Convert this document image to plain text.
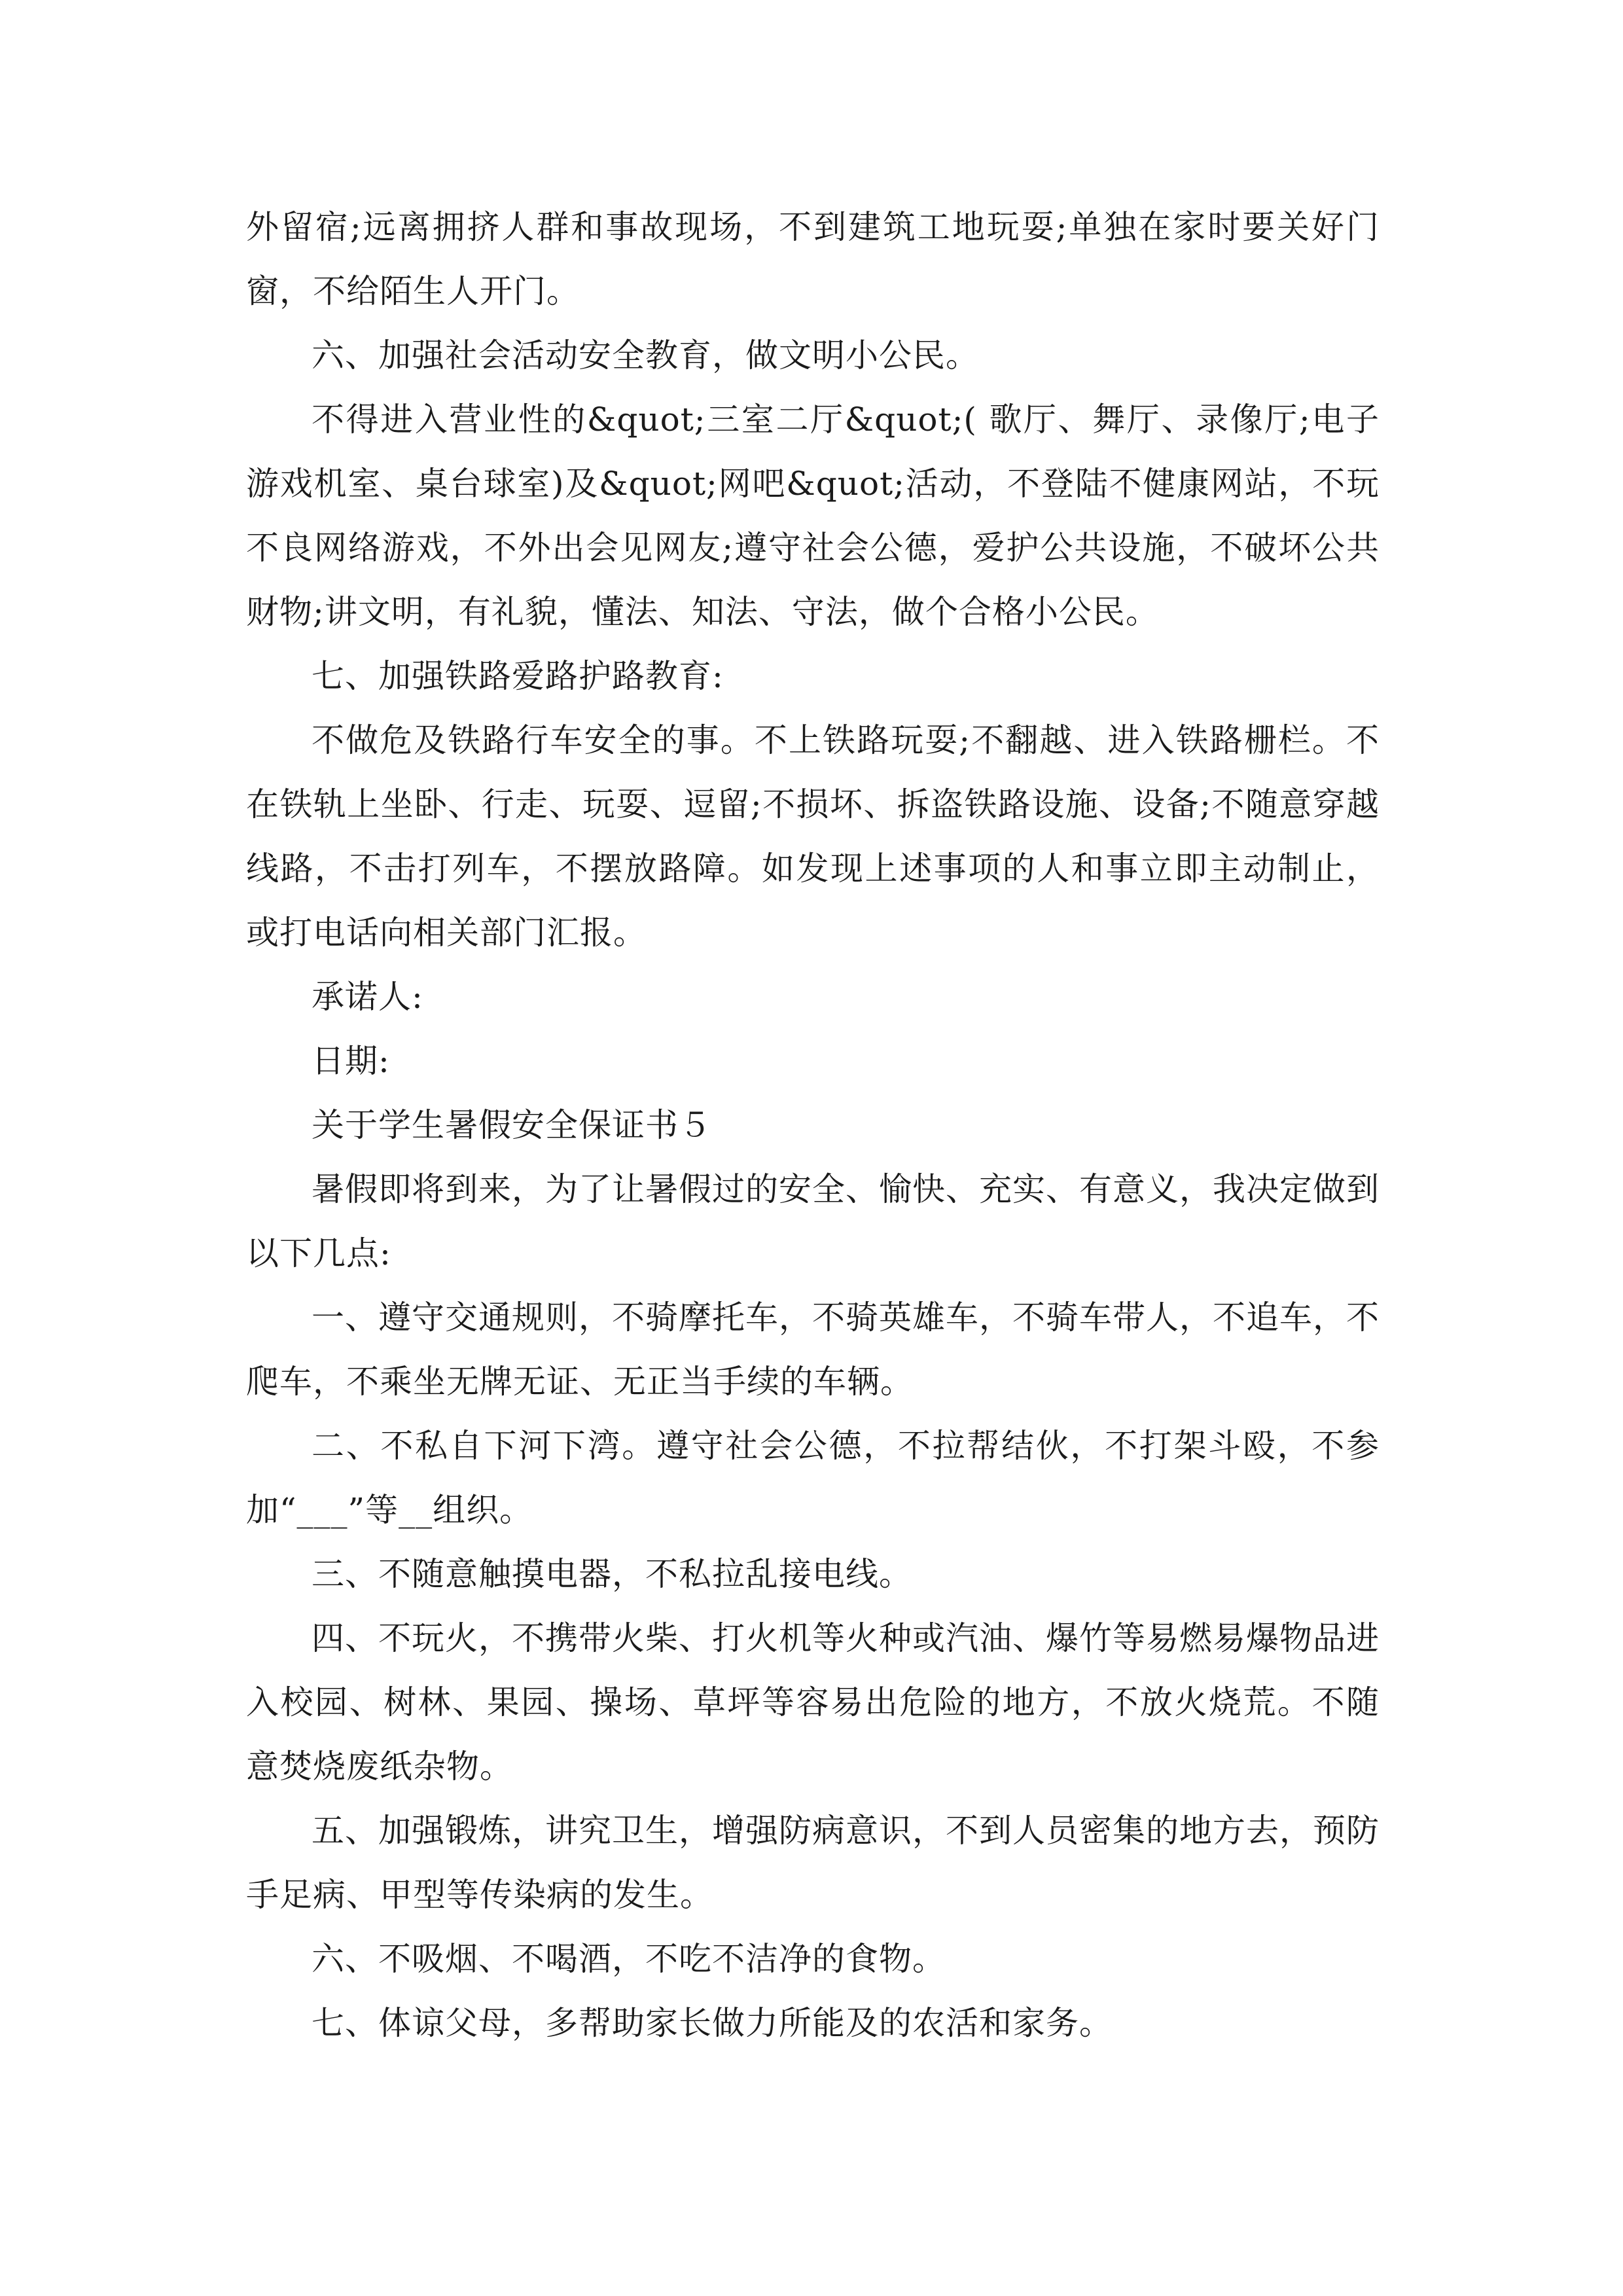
外留宿;远离拥挤人群和事故现场，不到建筑工地玩耍;单独在家时要关好门窗，不给陌生人开门。

六、加强社会活动安全教育，做文明小公民。

不得进入营业性的&quot;三室二厅&quot;( 歌厅、舞厅、录像厅;电子游戏机室、桌台球室)及&quot;网吧&quot;活动，不登陆不健康网站，不玩不良网络游戏，不外出会见网友;遵守社会公德，爱护公共设施，不破坏公共财物;讲文明，有礼貌，懂法、知法、守法，做个合格小公民。

七、加强铁路爱路护路教育:

不做危及铁路行车安全的事。不上铁路玩耍;不翻越、进入铁路栅栏。不在铁轨上坐卧、行走、玩耍、逗留;不损坏、拆盗铁路设施、设备;不随意穿越线路，不击打列车，不摆放路障。如发现上述事项的人和事立即主动制止，或打电话向相关部门汇报。

承诺人:

日期:

关于学生暑假安全保证书５

暑假即将到来，为了让暑假过的安全、愉快、充实、有意义，我决定做到以下几点:

一、遵守交通规则，不骑摩托车，不骑英雄车，不骑车带人，不追车，不爬车，不乘坐无牌无证、无正当手续的车辆。

二、不私自下河下湾。遵守社会公德，不拉帮结伙，不打架斗殴，不参加“___”等__组织。

三、不随意触摸电器，不私拉乱接电线。

四、不玩火，不携带火柴、打火机等火种或汽油、爆竹等易燃易爆物品进入校园、树林、果园、操场、草坪等容易出危险的地方，不放火烧荒。不随意焚烧废纸杂物。

五、加强锻炼，讲究卫生，增强防病意识，不到人员密集的地方去，预防手足病、甲型等传染病的发生。

六、不吸烟、不喝酒，不吃不洁净的食物。

七、体谅父母，多帮助家长做力所能及的农活和家务。
